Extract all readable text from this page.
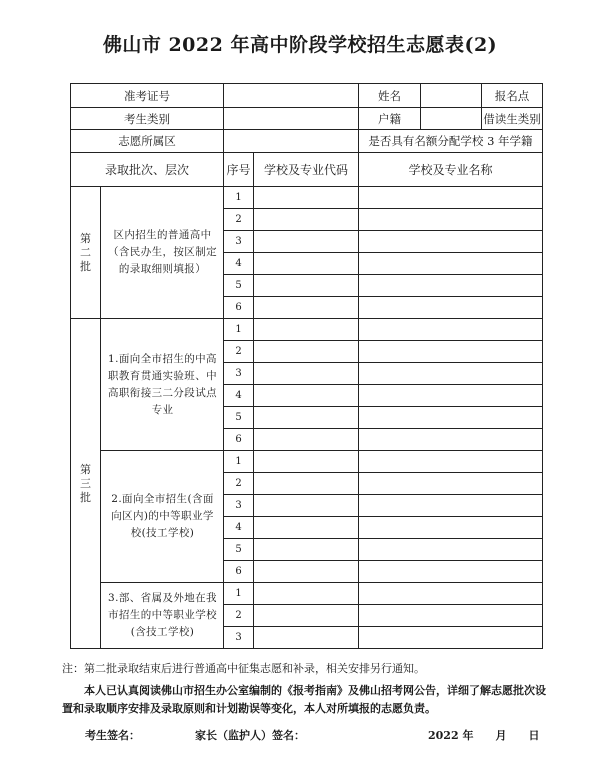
佛山市 2022 年高中阶段学校招生志愿表(2)
准考证号				姓名		报名点
考生类别				户籍		借读生类别
志愿所属区				是否具有名额分配学校 3 年学籍		
录取批次、层次		序号	学校及专业代码	学校及专业名称		

第二批	区内招生的普通高中（含民办生，按区制定的录取细则填报）	1				
		2				
		3				
		4				
		5				
		6				

第三批	1.面向全市招生的中高职教育贯通实验班、中高职衔接三二分段试点专业	1				
		2				
		3				
		4				
		5				
		6				
	2.面向全市招生(含面向区内)的中等职业学校(技工学校)	1				
		2				
		3				
		4				
		5				
		6				
	3.部、省属及外地在我市招生的中等职业学校(含技工学校)	1				
		2				
		3				
注：第二批录取结束后进行普通高中征集志愿和补录，相关安排另行通知。
本人已认真阅读佛山市招生办公室编制的《报考指南》及佛山招考网公告，详细了解志愿批次设置和录取顺序安排及录取原则和计划勘误等变化，本人对所填报的志愿负责。
考生签名：	家长（监护人）签名：	2022 年　　月　　日
